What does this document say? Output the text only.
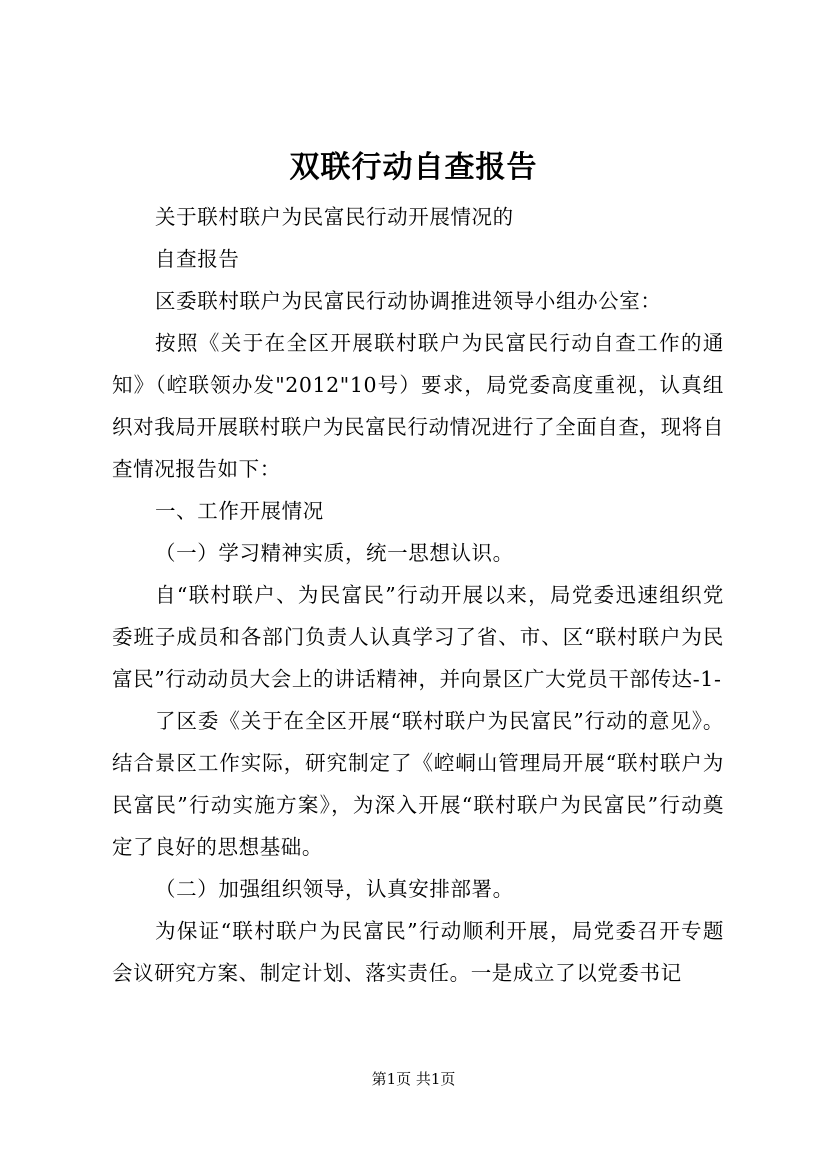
双联行动自查报告

关于联村联户为民富民行动开展情况的

自查报告

区委联村联户为民富民行动协调推进领导小组办公室：

按照《关于在全区开展联村联户为民富民行动自查工作的通知》（崆联领办发"2012"10号）要求，局党委高度重视，认真组织对我局开展联村联户为民富民行动情况进行了全面自查，现将自查情况报告如下：

一、工作开展情况

（一）学习精神实质，统一思想认识。

自“联村联户、为民富民”行动开展以来，局党委迅速组织党委班子成员和各部门负责人认真学习了省、市、区“联村联户为民富民”行动动员大会上的讲话精神，并向景区广大党员干部传达-1-

了区委《关于在全区开展“联村联户为民富民”行动的意见》。结合景区工作实际，研究制定了《崆峒山管理局开展“联村联户为民富民”行动实施方案》，为深入开展“联村联户为民富民”行动奠定了良好的思想基础。

（二）加强组织领导，认真安排部署。

为保证“联村联户为民富民”行动顺利开展，局党委召开专题会议研究方案、制定计划、落实责任。一是成立了以党委书记

第1页 共1页
